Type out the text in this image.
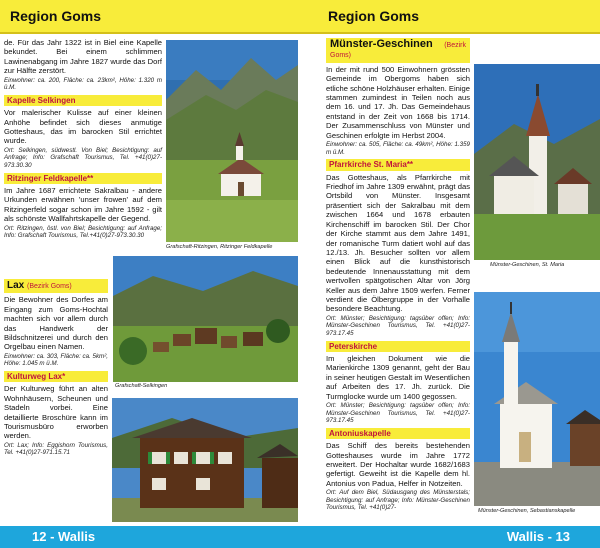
Region Goms

de. Für das Jahr 1322 ist in Biel eine Kapelle bekundet. Bei einem schlimmen Lawinenabgang im Jahre 1827 wurde das Dorf zur Hälfte zerstört.

Einwohner: ca. 200, Fläche: ca. 23km², Höhe: 1.320 m ü.M.

Kapelle Selkingen

Vor malerischer Kulisse auf einer kleinen Anhöhe befindet sich dieses anmutige Gotteshaus, das im barocken Stil errichtet wurde.

Ort: Selkingen, südwestl. Von Biel; Besichtigung: auf Anfrage; Info: Grafschaft Tourismus, Tel. +41(0)27-973.30.30

Ritzinger Feldkapelle**

Im Jahre 1687 errichtete Sakralbau - andere Urkunden erwähnen 'unser frowen' auf dem Ritzingerfeld sogar schon im Jahre 1592 - gilt als schönste Wallfahrtskapelle der Gegend.

Ort: Ritzingen, östl. von Biel; Besichtigung: auf Anfrage; Info: Grafschaft Tourismus, Tel.+41(0)27-973.30.30

Lax (Bezirk Goms)

Die Bewohner des Dorfes am Eingang zum Goms-Hochtal machten sich vor allem durch das Handwerk der Bildschnitzerei und durch den Orgelbau einen Namen.

Einwohner: ca. 303, Fläche: ca. 5km², Höhe: 1.045 m ü.M.

Kulturweg Lax*

Der Kulturweg führt an alten Wohnhäusern, Scheunen und Stadeln vorbei. Eine detaillierte Broschüre kann im Tourismusbüro erworben werden.

Ort: Lax; Info: Eggishorn Tourismus, Tel. +41(0)27-971.15.71

Grafschaft-Ritzingen, Ritzinger Feldkapelle
Grafschaft-Selkingen
12 - Wallis
Region Goms
Münster-Geschinen (Bezirk Goms)

In der mit rund 500 Einwohnern grössten Gemeinde im Obergoms haben sich etliche schöne Holzhäuser erhalten. Einige stammen zumindest in Teilen noch aus dem 16. und 17. Jh. Das Gemeindehaus entstand in der Zeit von 1668 bis 1714. Der Zusammenschluss von Münster und Geschinen erfolgte im Herbst 2004.

Einwohner: ca. 505, Fläche: ca. 49km², Höhe: 1.359 m ü.M.

Pfarrkirche St. Maria**

Das Gotteshaus, als Pfarrkirche mit Friedhof im Jahre 1309 erwähnt, prägt das Ortsbild von Münster. Insgesamt präsentiert sich der Sakralbau mit dem zwischen 1664 und 1678 erbauten Kirchenschiff im barocken Stil. Der Chor der Kirche stammt aus dem Jahre 1491, der romanische Turm datiert wohl auf das 12./13. Jh. Besucher sollten vor allem einen Blick auf die kunsthistorisch bedeutende Innenausstattung mit dem wertvollen spätgotischen Altar von Jörg Keller aus dem Jahre 1509 werfen. Ferner verdient die Ölbergruppe in der Vorhalle besondere Beachtung.

Ort: Münster; Besichtigung: tagsüber offen; Info: Münster-Geschinen Tourismus, Tel. +41(0)27-973.17.45

Peterskirche

Im gleichen Dokument wie die Marienkirche 1309 genannt, geht der Bau in seiner heutigen Gestalt im Wesentlichen auf Arbeiten des 17. Jh. zurück. Die Turmglocke wurde um 1400 gegossen.

Ort: Münster; Besichtigung: tagsüber offen; Info: Münster-Geschinen Tourismus, Tel. +41(0)27-973.17.45

Antoniuskapelle

Das Schiff des bereits bestehenden Gotteshauses wurde im Jahre 1772 erweitert. Der Hochaltar wurde 1682/1683 gefertigt. Geweiht ist die Kapelle dem hl. Antonius von Padua, Helfer in Notzeiten.

Ort: Auf dem Biel, Südausgang des Münsterstals; Besichtigung: auf Anfrage; Info: Münster-Geschinen Tourismus, Tel. +41(0)27-

Münster-Geschinen, St. Maria
Münster-Geschinen, Sebastianskapelle
Wallis - 13
